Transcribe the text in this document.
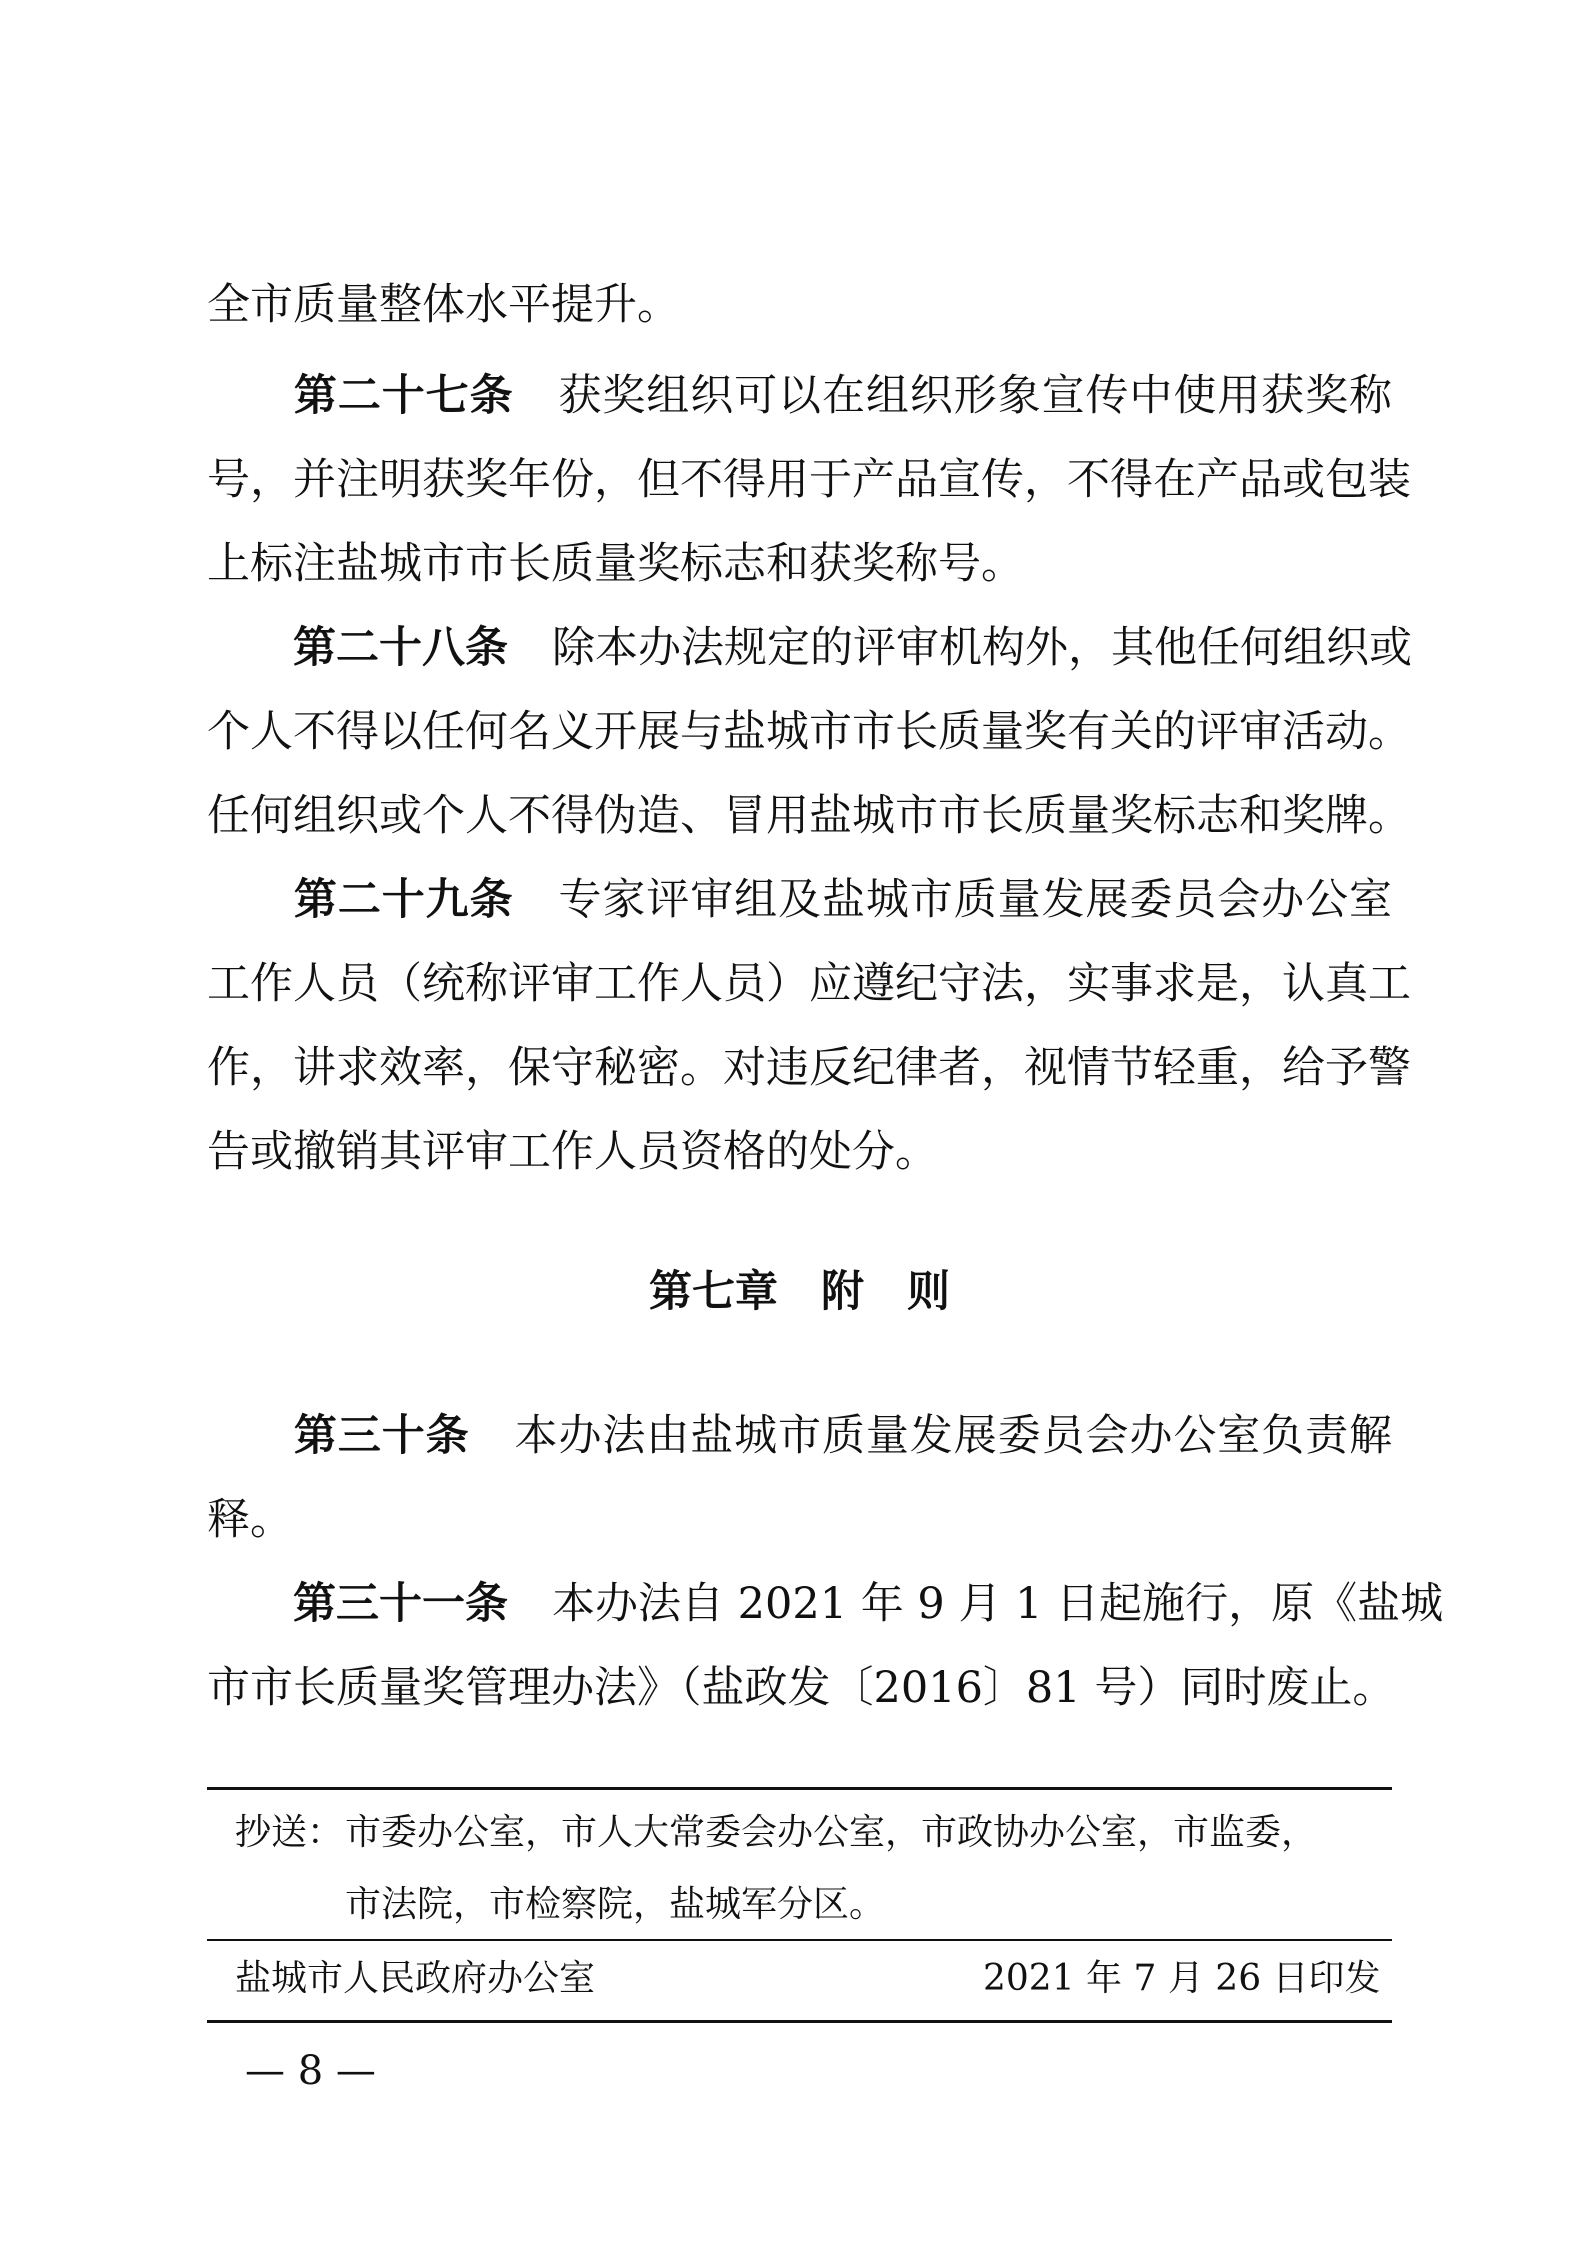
全市质量整体水平提升。
第二十七条 获奖组织可以在组织形象宣传中使用获奖称
号，并注明获奖年份，但不得用于产品宣传，不得在产品或包装
上标注盐城市市长质量奖标志和获奖称号。
第二十八条 除本办法规定的评审机构外，其他任何组织或
个人不得以任何名义开展与盐城市市长质量奖有关的评审活动。
任何组织或个人不得伪造、冒用盐城市市长质量奖标志和奖牌。
第二十九条 专家评审组及盐城市质量发展委员会办公室
工作人员（统称评审工作人员）应遵纪守法，实事求是，认真工
作，讲求效率，保守秘密。对违反纪律者，视情节轻重，给予警
告或撤销其评审工作人员资格的处分。
第七章　附　则
第三十条 本办法由盐城市质量发展委员会办公室负责解
释。
第三十一条 本办法自 2021 年 9 月 1 日起施行，原《盐城
市市长质量奖管理办法》（盐政发〔2016〕81 号）同时废止。
抄送： 市委办公室，市人大常委会办公室，市政协办公室，市监委，
市法院，市检察院，盐城军分区。
盐城市人民政府办公室	2021 年 7 月 26 日印发
— 8 —
